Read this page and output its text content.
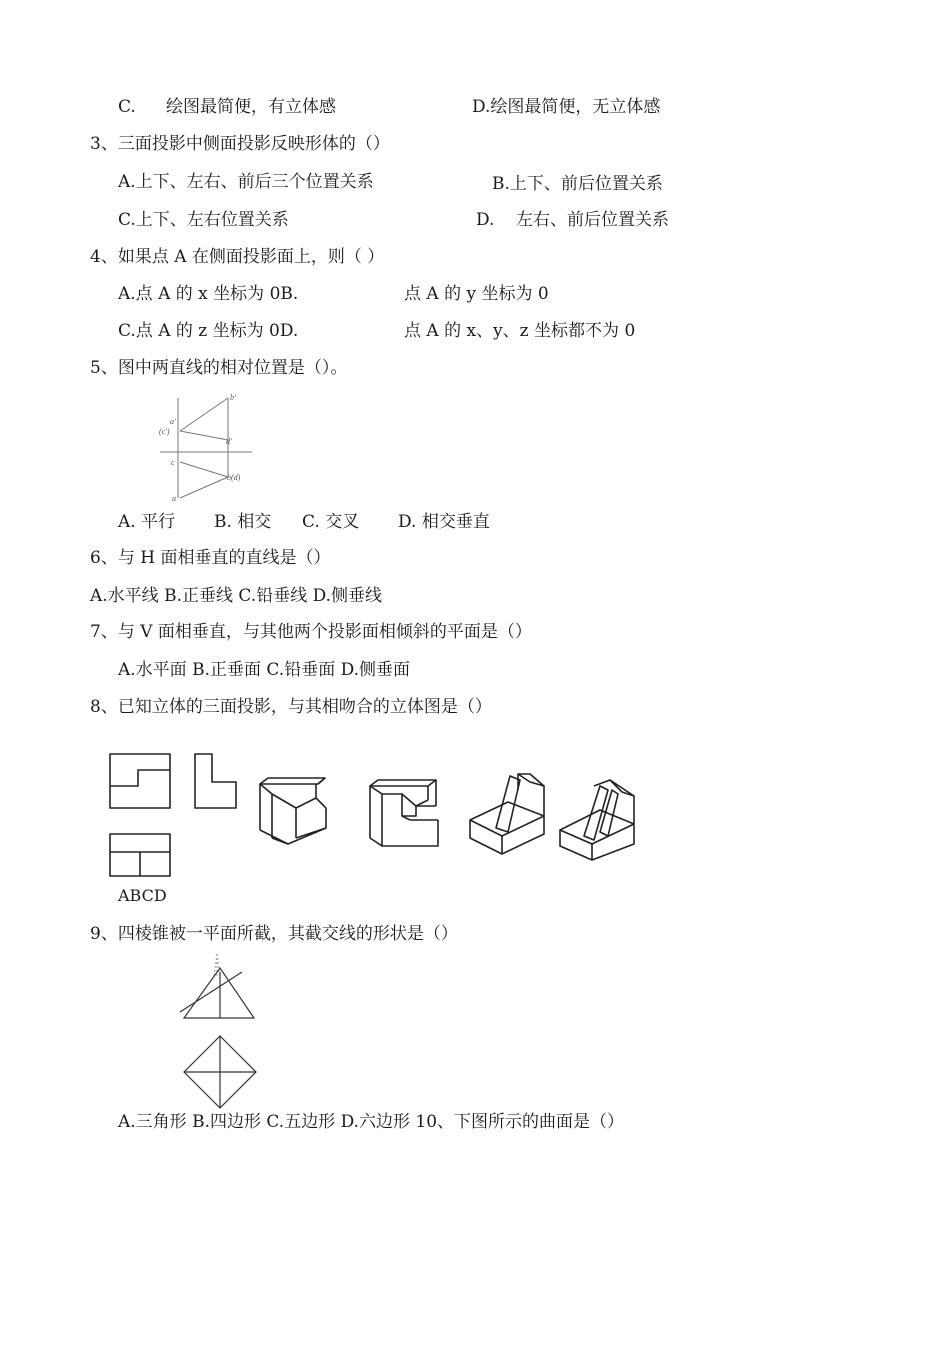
C. 绘图最简便，有立体感	D.绘图最简便，无立体感
3、三面投影中侧面投影反映形体的（）
A.上下、左右、前后三个位置关系	B.上下、前后位置关系
C.上下、左右位置关系	D. 左右、前后位置关系
4、如果点 A 在侧面投影面上，则（ ）
A.点 A 的 x 坐标为 0B.	点 A 的 y 坐标为 0
C.点 A 的 z 坐标为 0D.	点 A 的 x、y、z 坐标都不为 0
5、图中两直线的相对位置是（）。
b'
a'
(c')
d'
c
b(d)
a
A. 平行 B. 相交 C. 交叉 D. 相交垂直
6、与 H 面相垂直的直线是（）
A.水平线 B.正垂线 C.铅垂线 D.侧垂线
7、与 V 面相垂直，与其他两个投影面相倾斜的平面是（）
A.水平面 B.正垂面 C.铅垂面 D.侧垂面
8、已知立体的三面投影，与其相吻合的立体图是（）
ABCD
9、四棱锥被一平面所截，其截交线的形状是（）
A.三角形 B.四边形 C.五边形 D.六边形 10、下图所示的曲面是（）
